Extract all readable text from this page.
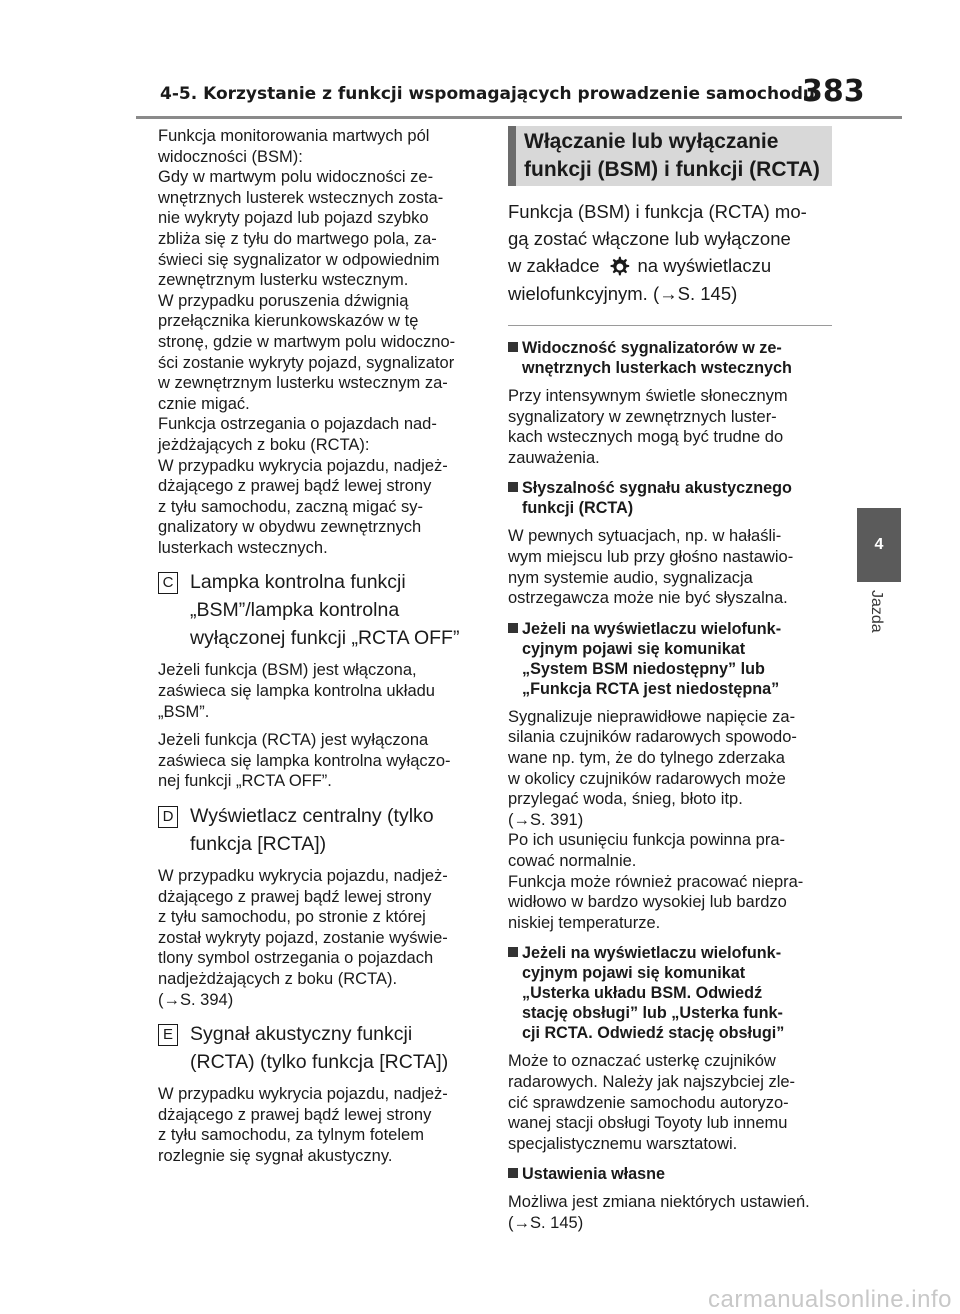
4-5. Korzystanie z funkcji wspomagających prowadzenie samochodu
383
4
Jazda

Funkcja monitorowania martwych pól

widoczności (BSM):

Gdy w martwym polu widoczności ze-

wnętrznych lusterek wstecznych zosta-

nie wykryty pojazd lub pojazd szybko

zbliża się z tyłu do martwego pola, za-

świeci się sygnalizator w odpowiednim

zewnętrznym lusterku wstecznym.

W przypadku poruszenia dźwignią

przełącznika kierunkowskazów w tę

stronę, gdzie w martwym polu widoczno-

ści zostanie wykryty pojazd, sygnalizator

w zewnętrznym lusterku wstecznym za-

cznie migać.

Funkcja ostrzegania o pojazdach nad-

jeżdżających z boku (RCTA):

W przypadku wykrycia pojazdu, nadjeż-

dżającego z prawej bądź lewej strony

z tyłu samochodu, zaczną migać sy-

gnalizatory w obydwu zewnętrznych

lusterkach wstecznych.

C Lampka kontrolna funkcji
„BSM”/lampka kontrolna
wyłączonej funkcji „RCTA OFF”

Jeżeli funkcja (BSM) jest włączona,

zaświeca się lampka kontrolna układu

„BSM”.

Jeżeli funkcja (RCTA) jest wyłączona

zaświeca się lampka kontrolna wyłączo-

nej funkcji „RCTA OFF”.

D Wyświetlacz centralny (tylko
funkcja [RCTA])

W przypadku wykrycia pojazdu, nadjeż-

dżającego z prawej bądź lewej strony

z tyłu samochodu, po stronie z której

został wykryty pojazd, zostanie wyświe-

tlony symbol ostrzegania o pojazdach

nadjeżdżających z boku (RCTA).

(→S. 394)

E Sygnał akustyczny funkcji
(RCTA) (tylko funkcja [RCTA])

W przypadku wykrycia pojazdu, nadjeż-

dżającego z prawej bądź lewej strony

z tyłu samochodu, za tylnym fotelem

rozlegnie się sygnał akustyczny.

Włączanie lub wyłączanie
funkcji (BSM) i funkcji (RCTA)
Funkcja (BSM) i funkcja (RCTA) mo-
gą zostać włączone lub wyłączone
w zakładce na wyświetlaczu
wielofunkcyjnym. (→S. 145)
Widoczność sygnalizatorów w ze-
wnętrznych lusterkach wstecznych

Przy intensywnym świetle słonecznym

sygnalizatory w zewnętrznych luster-

kach wstecznych mogą być trudne do

zauważenia.

Słyszalność sygnału akustycznego
funkcji (RCTA)

W pewnych sytuacjach, np. w hałaśli-

wym miejscu lub przy głośno nastawio-

nym systemie audio, sygnalizacja

ostrzegawcza może nie być słyszalna.

Jeżeli na wyświetlaczu wielofunk-
cyjnym pojawi się komunikat
„System BSM niedostępny” lub
„Funkcja RCTA jest niedostępna”

Sygnalizuje nieprawidłowe napięcie za-

silania czujników radarowych spowodo-

wane np. tym, że do tylnego zderzaka

w okolicy czujników radarowych może

przylegać woda, śnieg, błoto itp.

(→S. 391)

Po ich usunięciu funkcja powinna pra-

cować normalnie.

Funkcja może również pracować niepra-

widłowo w bardzo wysokiej lub bardzo

niskiej temperaturze.

Jeżeli na wyświetlaczu wielofunk-
cyjnym pojawi się komunikat
„Usterka układu BSM. Odwiedź
stację obsługi” lub „Usterka funk-
cji RCTA. Odwiedź stację obsługi”

Może to oznaczać usterkę czujników

radarowych. Należy jak najszybciej zle-

cić sprawdzenie samochodu autoryzo-

wanej stacji obsługi Toyoty lub innemu

specjalistycznemu warsztatowi.

Ustawienia własne

Możliwa jest zmiana niektórych ustawień.

(→S. 145)

carmanualsonline.info
